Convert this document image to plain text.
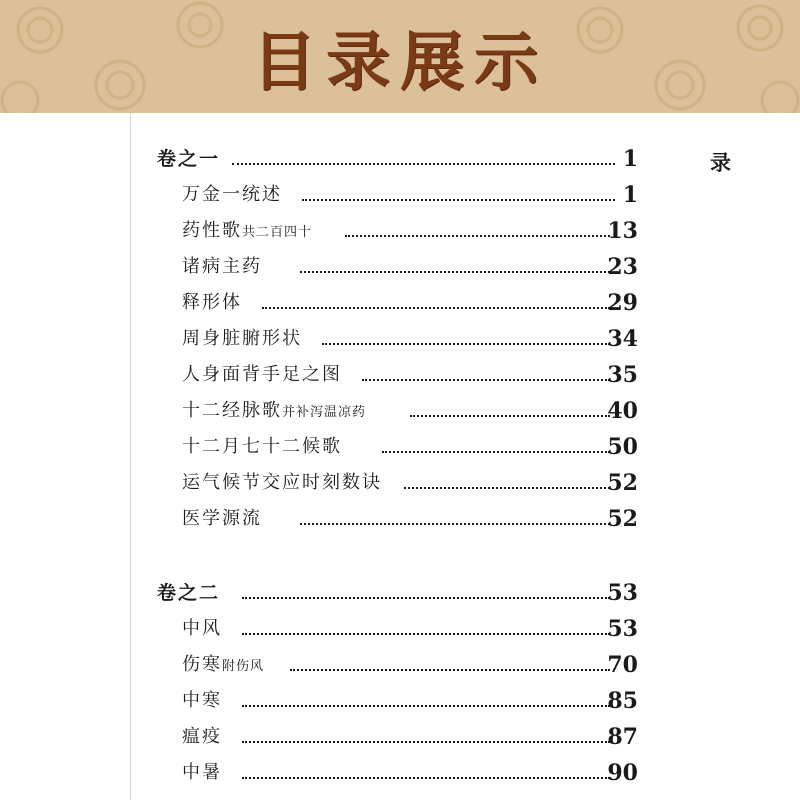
目录展示
录
卷之一	1
万金一统述	1
药性歌共二百四十	13
诸病主药	23
释形体	29
周身脏腑形状	34
人身面背手足之图	35
十二经脉歌并补泻温凉药	40
十二月七十二候歌	50
运气候节交应时刻数诀	52
医学源流	52
卷之二	53
中风	53
伤寒附伤风	70
中寒	85
瘟疫	87
中暑	90
